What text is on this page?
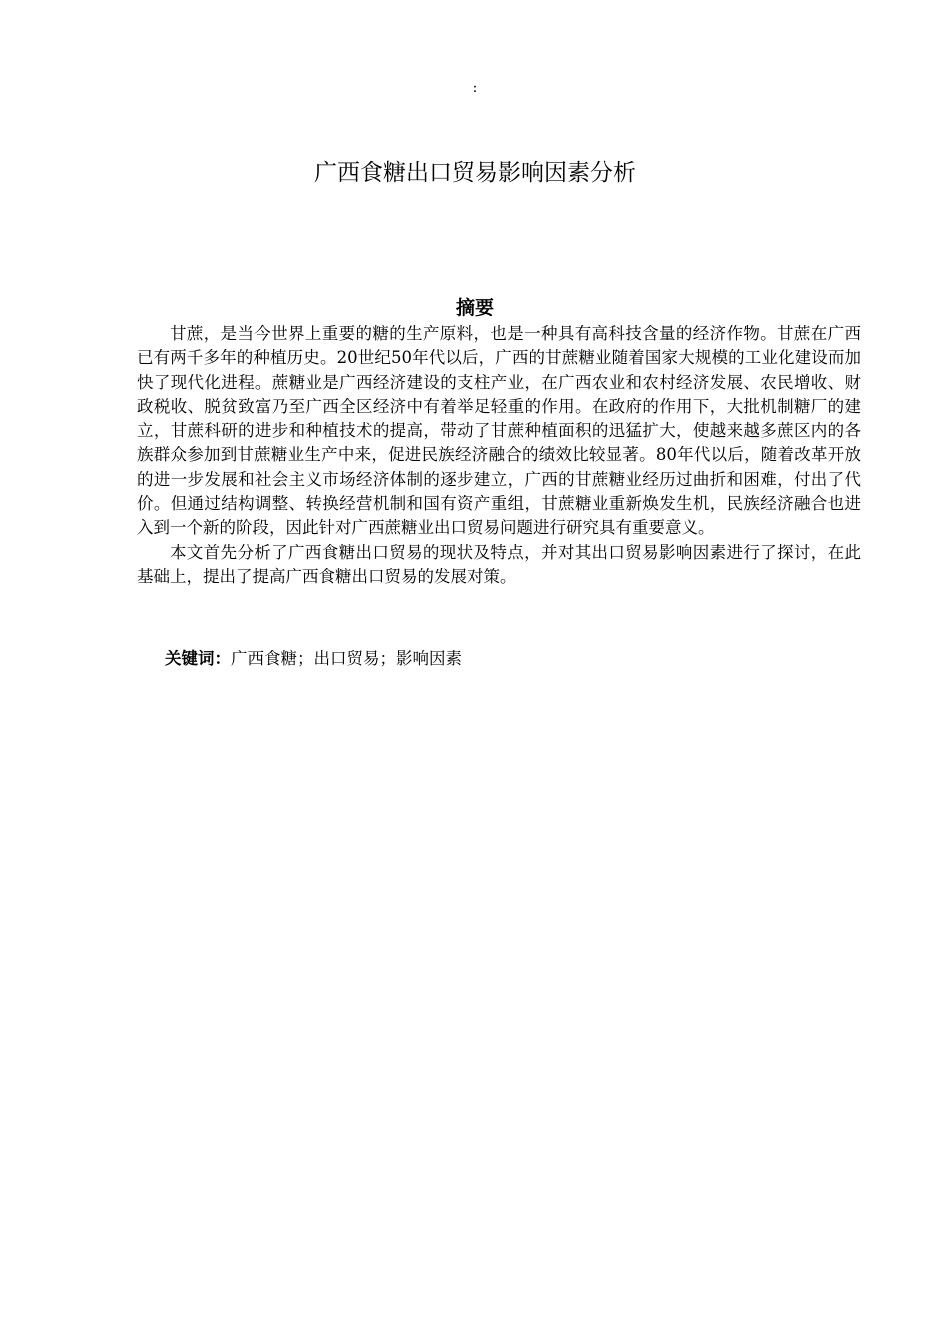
:
广西食糖出口贸易影响因素分析
摘要

甘蔗，是当今世界上重要的糖的生产原料，也是一种具有高科技含量的经济作物。甘蔗在广西已有两千多年的种植历史。20世纪50年代以后，广西的甘蔗糖业随着国家大规模的工业化建设而加快了现代化进程。蔗糖业是广西经济建设的支柱产业，在广西农业和农村经济发展、农民增收、财政税收、脱贫致富乃至广西全区经济中有着举足轻重的作用。在政府的作用下，大批机制糖厂的建立，甘蔗科研的进步和种植技术的提高，带动了甘蔗种植面积的迅猛扩大，使越来越多蔗区内的各族群众参加到甘蔗糖业生产中来，促进民族经济融合的绩效比较显著。80年代以后，随着改革开放的进一步发展和社会主义市场经济体制的逐步建立，广西的甘蔗糖业经历过曲折和困难，付出了代价。但通过结构调整、转换经营机制和国有资产重组，甘蔗糖业重新焕发生机，民族经济融合也进入到一个新的阶段，因此针对广西蔗糖业出口贸易问题进行研究具有重要意义。

本文首先分析了广西食糖出口贸易的现状及特点，并对其出口贸易影响因素进行了探讨，在此基础上，提出了提高广西食糖出口贸易的发展对策。

关键词：广西食糖；出口贸易；影响因素
